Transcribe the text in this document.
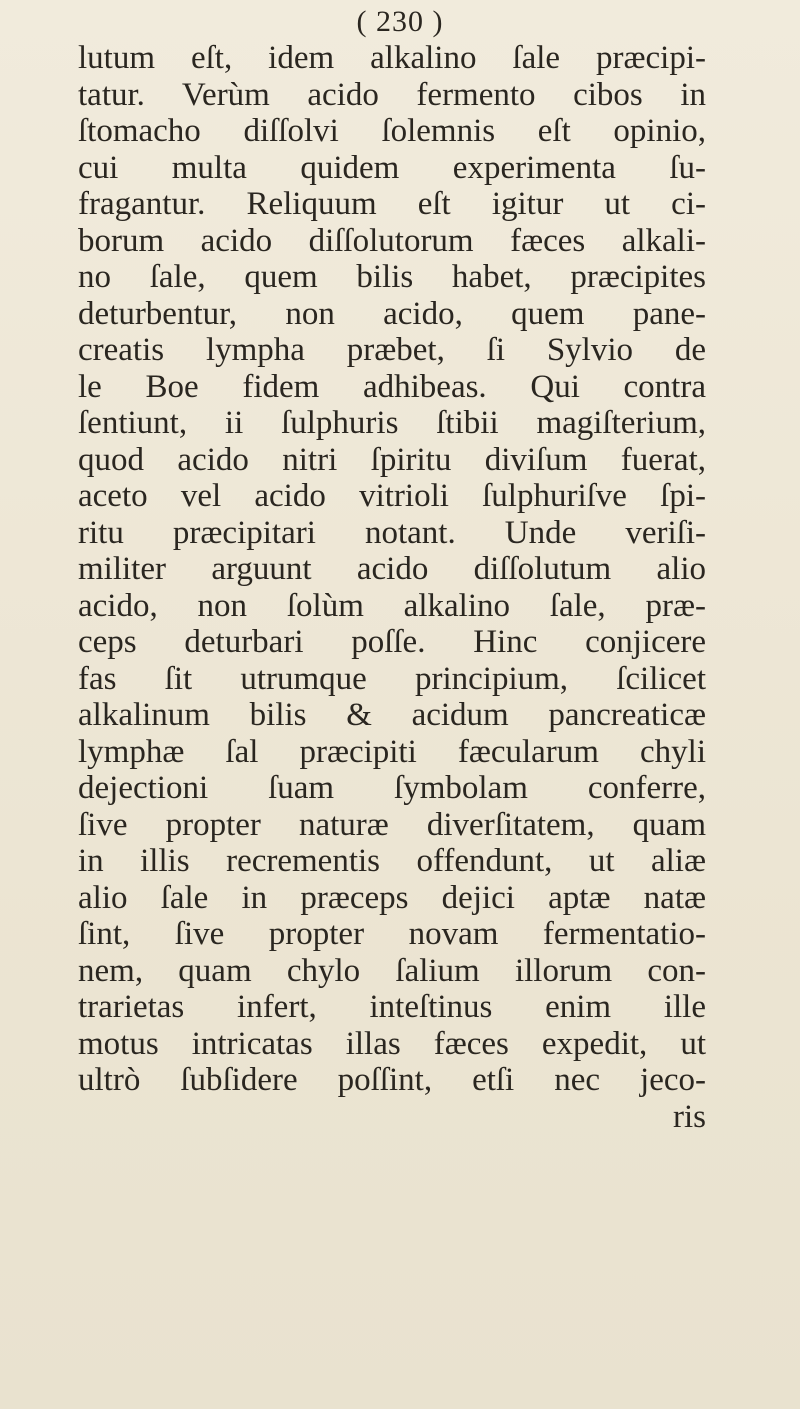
( 230 )
lutum eſt, idem alkalino ſale præcipi-
tatur. Verùm acido fermento cibos in
ſtomacho diſſolvi ſolemnis eſt opinio,
cui multa quidem experimenta ſu-
fragantur. Reliquum eſt igitur ut ci-
borum acido diſſolutorum fæces alkali-
no ſale, quem bilis habet, præcipites
deturbentur, non acido, quem pane-
creatis lympha præbet, ſi Sylvio de
le Boe fidem adhibeas. Qui contra
ſentiunt, ii ſulphuris ſtibii magiſterium,
quod acido nitri ſpiritu diviſum fuerat,
aceto vel acido vitrioli ſulphuriſve ſpi-
ritu præcipitari notant. Unde veriſi-
militer arguunt acido diſſolutum alio
acido, non ſolùm alkalino ſale, præ-
ceps deturbari poſſe. Hinc conjicere
fas ſit utrumque principium, ſcilicet
alkalinum bilis & acidum pancreaticæ
lymphæ ſal præcipiti fæcularum chyli
dejectioni ſuam ſymbolam conferre,
ſive propter naturæ diverſitatem, quam
in illis recrementis offendunt, ut aliæ
alio ſale in præceps dejici aptæ natæ
ſint, ſive propter novam fermentatio-
nem, quam chylo ſalium illorum con-
trarietas infert, inteſtinus enim ille
motus intricatas illas fæces expedit, ut
ultrò ſubſidere poſſint, etſi nec jeco-
ris
